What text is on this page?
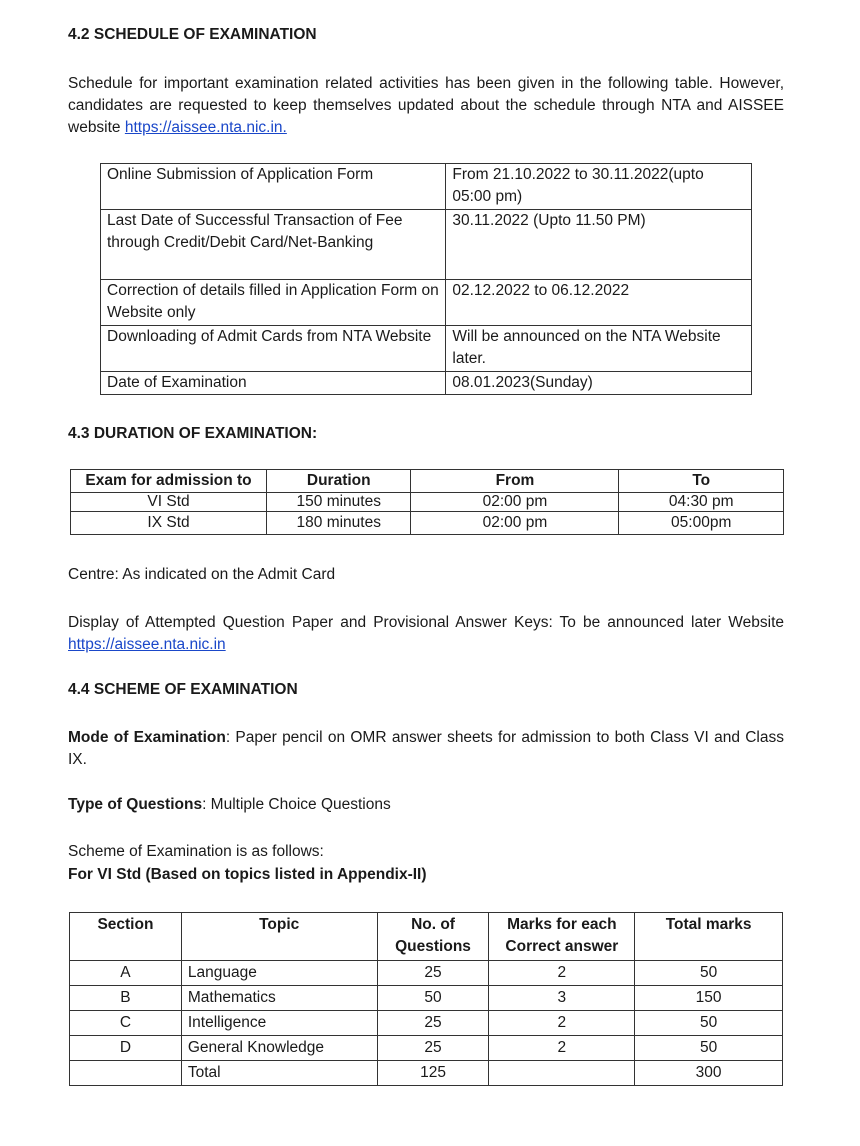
4.2 SCHEDULE OF EXAMINATION
Schedule for important examination related activities has been given in the following table. However, candidates are requested to keep themselves updated about the schedule through NTA and AISSEE website https://aissee.nta.nic.in.
Online Submission of Application Form	From 21.10.2022 to 30.11.2022(upto 05:00 pm)
Last Date of Successful Transaction of Fee through Credit/Debit Card/Net-Banking	30.11.2022 (Upto 11.50 PM)
Correction of details filled in Application Form on Website only	02.12.2022 to 06.12.2022
Downloading of Admit Cards from NTA Website	Will be announced on the NTA Website later.
Date of Examination	08.01.2023(Sunday)
4.3 DURATION OF EXAMINATION:
Exam for admission to	Duration	From	To
VI Std	150 minutes	02:00 pm	04:30 pm
IX Std	180 minutes	02:00 pm	05:00pm
Centre: As indicated on the Admit Card
Display of Attempted Question Paper and Provisional Answer Keys: To be announced later Website https://aissee.nta.nic.in
4.4 SCHEME OF EXAMINATION
Mode of Examination: Paper pencil on OMR answer sheets for admission to both Class VI and Class IX.
Type of Questions: Multiple Choice Questions
Scheme of Examination is as follows:
For VI Std (Based on topics listed in Appendix-II)
Section	Topic	No. of Questions	Marks for each Correct answer	Total marks
A	Language	25	2	50
B	Mathematics	50	3	150
C	Intelligence	25	2	50
D	General Knowledge	25	2	50
	Total	125		300
